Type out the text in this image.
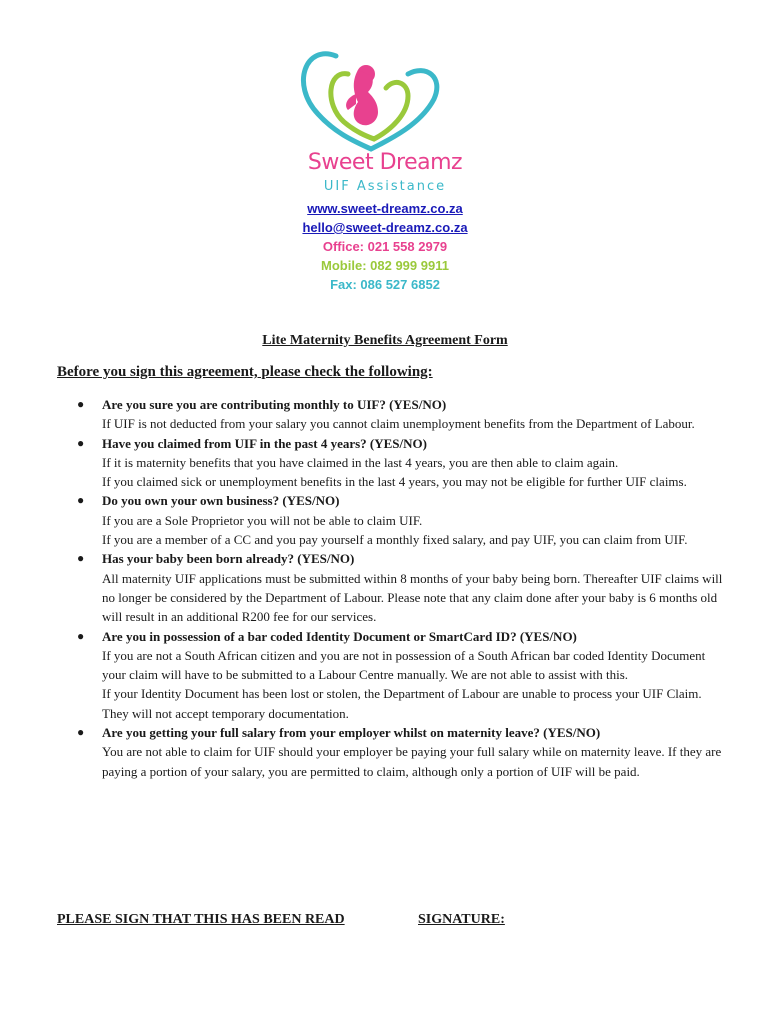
Sweet Dreamz
UIF Assistance
www.sweet-dreamz.co.za
hello@sweet-dreamz.co.za
Office: 021 558 2979
Mobile: 082 999 9911
Fax: 086 527 6852
Lite Maternity Benefits Agreement Form
Before you sign this agreement, please check the following:
● Are you sure you are contributing monthly to UIF? (YES/NO)
If UIF is not deducted from your salary you cannot claim unemployment benefits from the Department of Labour.
● Have you claimed from UIF in the past 4 years? (YES/NO)
If it is maternity benefits that you have claimed in the last 4 years, you are then able to claim again.
If you claimed sick or unemployment benefits in the last 4 years, you may not be eligible for further UIF claims.
● Do you own your own business? (YES/NO)
If you are a Sole Proprietor you will not be able to claim UIF.
If you are a member of a CC and you pay yourself a monthly fixed salary, and pay UIF, you can claim from UIF.
● Has your baby been born already? (YES/NO)
All maternity UIF applications must be submitted within 8 months of your baby being born. Thereafter UIF claims will no longer be considered by the Department of Labour. Please note that any claim done after your baby is 6 months old will result in an additional R200 fee for our services.
● Are you in possession of a bar coded Identity Document or SmartCard ID? (YES/NO)
If you are not a South African citizen and you are not in possession of a South African bar coded Identity Document your claim will have to be submitted to a Labour Centre manually. We are not able to assist with this.
If your Identity Document has been lost or stolen, the Department of Labour are unable to process your UIF Claim. They will not accept temporary documentation.
● Are you getting your full salary from your employer whilst on maternity leave? (YES/NO)
You are not able to claim for UIF should your employer be paying your full salary while on maternity leave. If they are paying a portion of your salary, you are permitted to claim, although only a portion of UIF will be paid.
PLEASE SIGN THAT THIS HAS BEEN READ	SIGNATURE:
